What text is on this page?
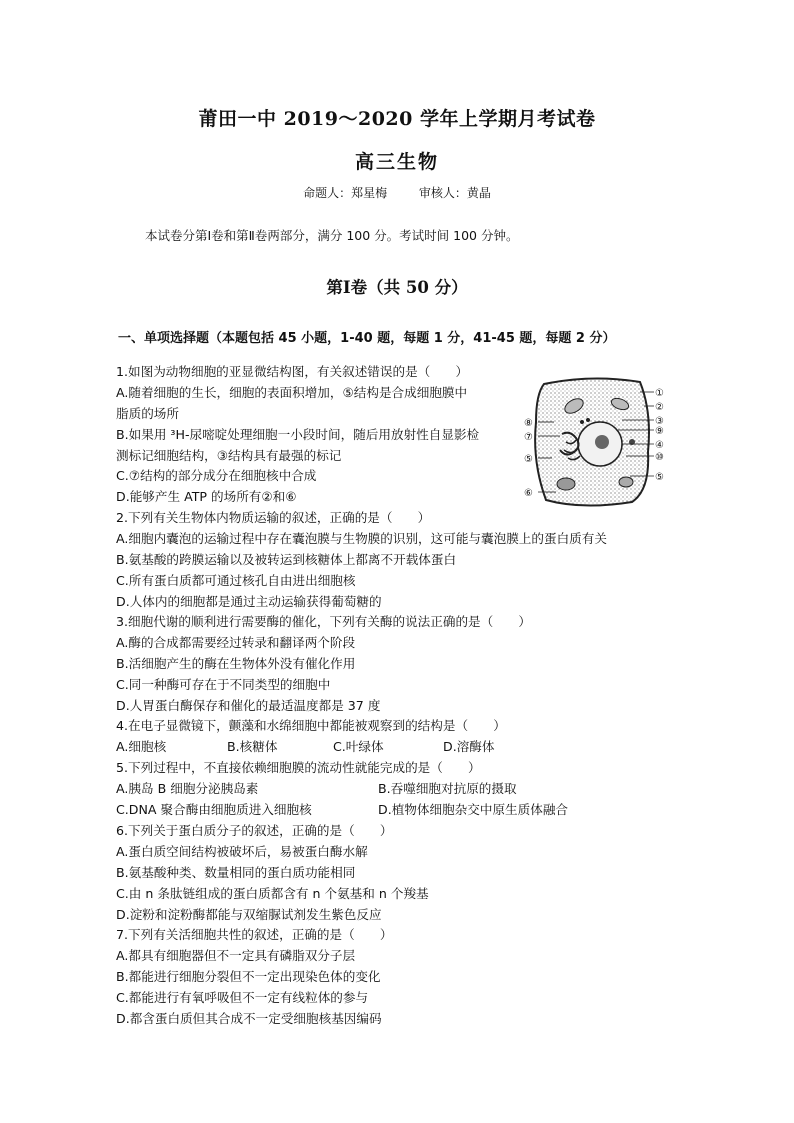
莆田一中 2019～2020 学年上学期月考试卷
高三生物
命题人：郑星梅	审核人：黄晶
本试卷分第Ⅰ卷和第Ⅱ卷两部分，满分 100 分。考试时间 100 分钟。
第Ⅰ卷（共 50 分）
一、单项选择题（本题包括 45 小题，1-40 题，每题 1 分，41-45 题，每题 2 分）
1.如图为动物细胞的亚显微结构图，有关叙述错误的是（　　）
A.随着细胞的生长，细胞的表面积增加，⑤结构是合成细胞膜中
脂质的场所
B.如果用 ³H-尿嘧啶处理细胞一小段时间，随后用放射性自显影检
测标记细胞结构，③结构具有最强的标记
C.⑦结构的部分成分在细胞核中合成
D.能够产生 ATP 的场所有②和⑥
①
②
③
⑨
④
⑩
⑤
⑧
⑦
⑤
⑥
2.下列有关生物体内物质运输的叙述，正确的是（　　）
A.细胞内囊泡的运输过程中存在囊泡膜与生物膜的识别，这可能与囊泡膜上的蛋白质有关
B.氨基酸的跨膜运输以及被转运到核糖体上都离不开载体蛋白
C.所有蛋白质都可通过核孔自由进出细胞核
D.人体内的细胞都是通过主动运输获得葡萄糖的
3.细胞代谢的顺利进行需要酶的催化，下列有关酶的说法正确的是（　　）
A.酶的合成都需要经过转录和翻译两个阶段
B.活细胞产生的酶在生物体外没有催化作用
C.同一种酶可存在于不同类型的细胞中
D.人胃蛋白酶保存和催化的最适温度都是 37 度
4.在电子显微镜下，颤藻和水绵细胞中都能被观察到的结构是（　　）
A.细胞核	B.核糖体	C.叶绿体	D.溶酶体
5.下列过程中，不直接依赖细胞膜的流动性就能完成的是（　　）
A.胰岛 B 细胞分泌胰岛素	B.吞噬细胞对抗原的摄取
C.DNA 聚合酶由细胞质进入细胞核	D.植物体细胞杂交中原生质体融合
6.下列关于蛋白质分子的叙述，正确的是（　　）
A.蛋白质空间结构被破坏后，易被蛋白酶水解
B.氨基酸种类、数量相同的蛋白质功能相同
C.由 n 条肽链组成的蛋白质都含有 n 个氨基和 n 个羧基
D.淀粉和淀粉酶都能与双缩脲试剂发生紫色反应
7.下列有关活细胞共性的叙述，正确的是（　　）
A.都具有细胞器但不一定具有磷脂双分子层
B.都能进行细胞分裂但不一定出现染色体的变化
C.都能进行有氧呼吸但不一定有线粒体的参与
D.都含蛋白质但其合成不一定受细胞核基因编码
